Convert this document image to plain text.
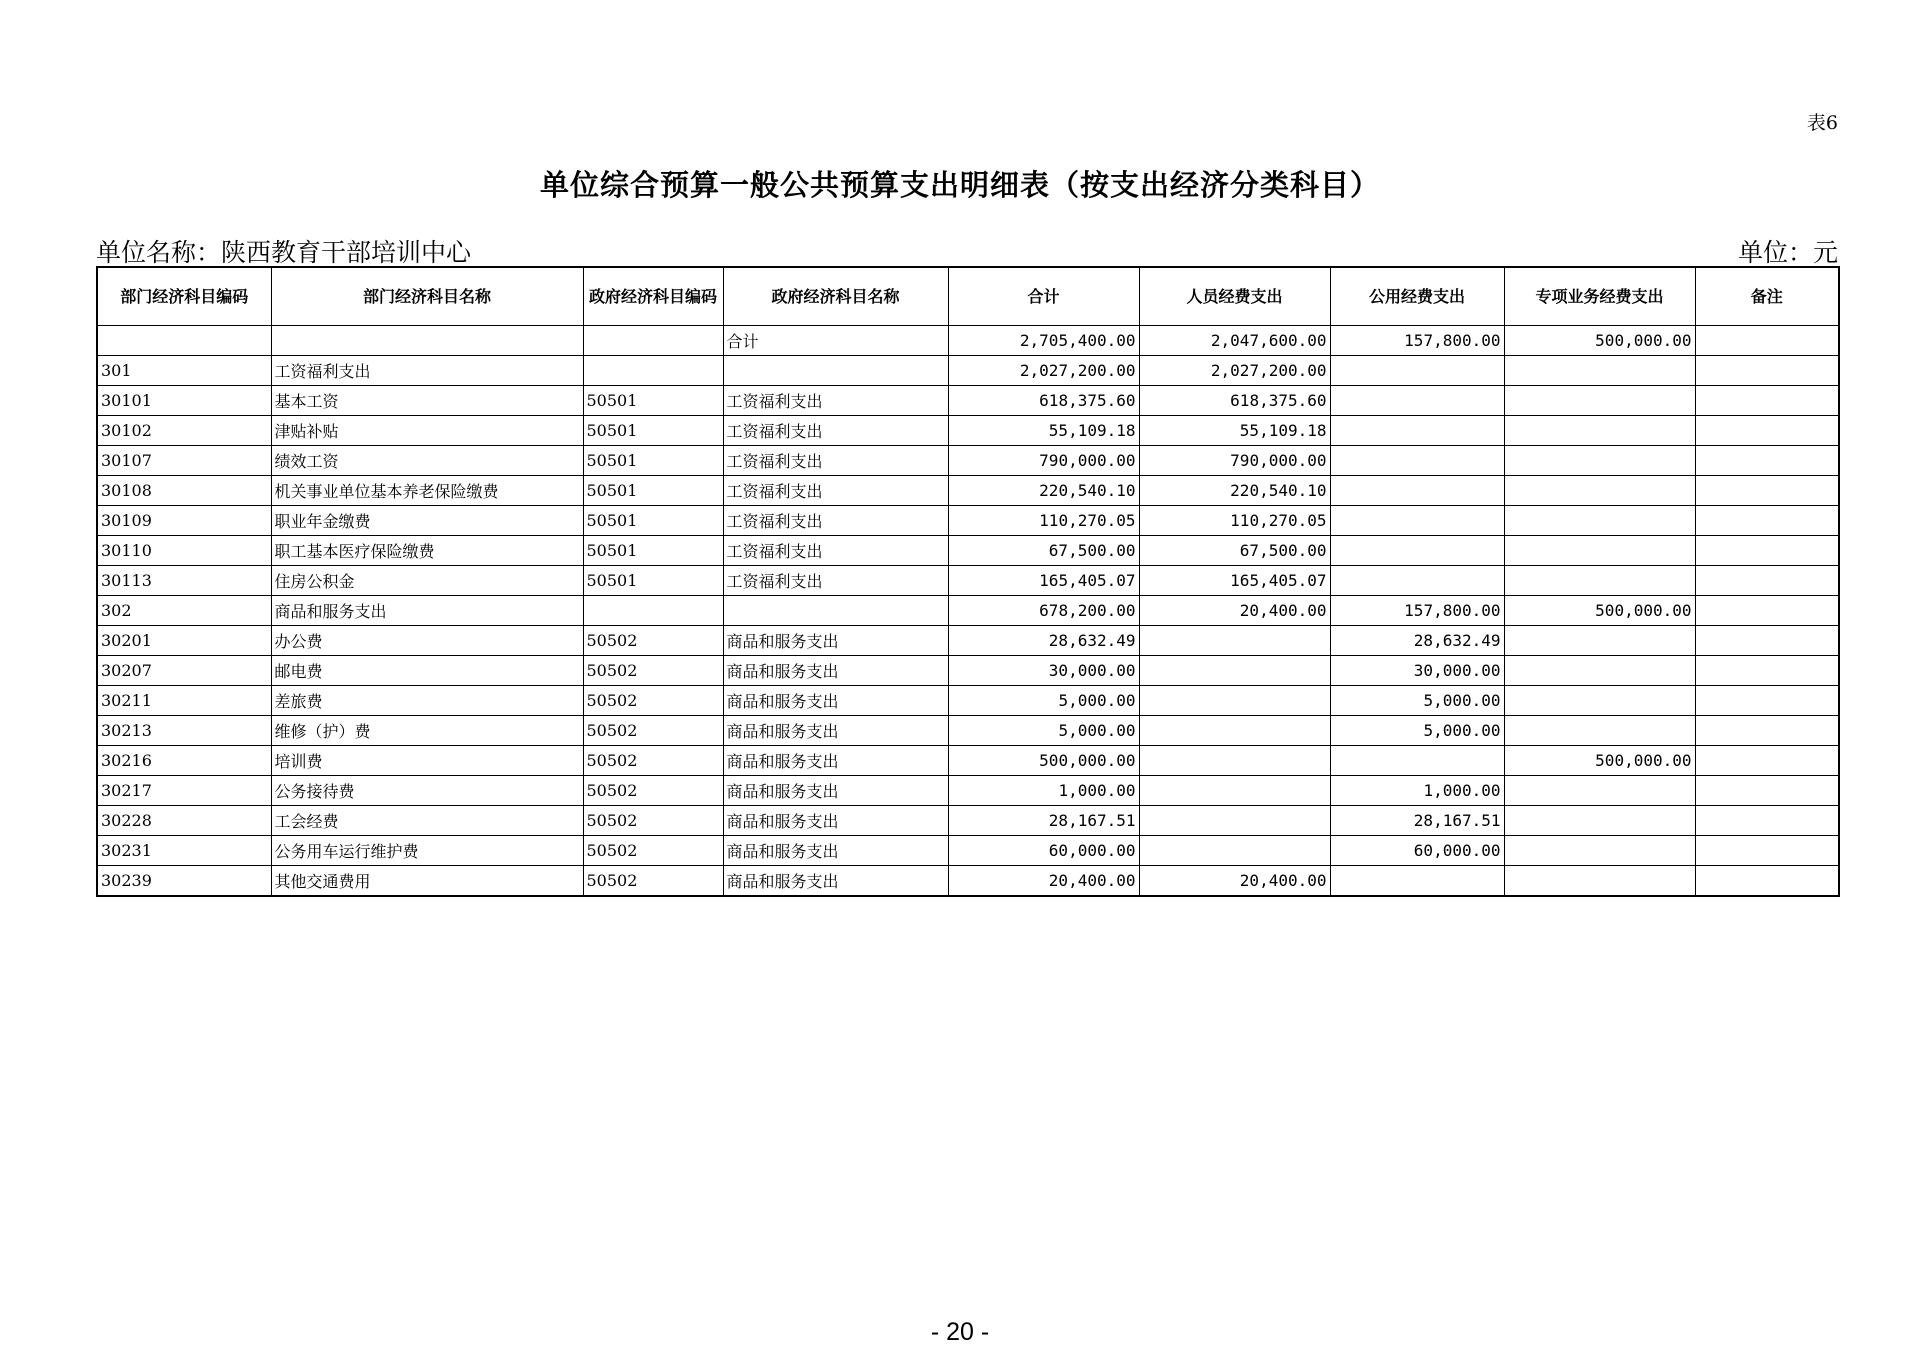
表6
单位综合预算一般公共预算支出明细表（按支出经济分类科目）
单位名称：陕西教育干部培训中心	单位：元
部门经济科目编码	部门经济科目名称	政府经济科目编码	政府经济科目名称	合计	人员经费支出	公用经费支出	专项业务经费支出	备注
			合计	2,705,400.00	2,047,600.00	157,800.00	500,000.00	
301	工资福利支出			2,027,200.00	2,027,200.00			
30101	基本工资	50501	工资福利支出	618,375.60	618,375.60			
30102	津贴补贴	50501	工资福利支出	55,109.18	55,109.18			
30107	绩效工资	50501	工资福利支出	790,000.00	790,000.00			
30108	机关事业单位基本养老保险缴费	50501	工资福利支出	220,540.10	220,540.10			
30109	职业年金缴费	50501	工资福利支出	110,270.05	110,270.05			
30110	职工基本医疗保险缴费	50501	工资福利支出	67,500.00	67,500.00			
30113	住房公积金	50501	工资福利支出	165,405.07	165,405.07			
302	商品和服务支出			678,200.00	20,400.00	157,800.00	500,000.00	
30201	办公费	50502	商品和服务支出	28,632.49		28,632.49		
30207	邮电费	50502	商品和服务支出	30,000.00		30,000.00		
30211	差旅费	50502	商品和服务支出	5,000.00		5,000.00		
30213	维修（护）费	50502	商品和服务支出	5,000.00		5,000.00		
30216	培训费	50502	商品和服务支出	500,000.00			500,000.00	
30217	公务接待费	50502	商品和服务支出	1,000.00		1,000.00		
30228	工会经费	50502	商品和服务支出	28,167.51		28,167.51		
30231	公务用车运行维护费	50502	商品和服务支出	60,000.00		60,000.00		
30239	其他交通费用	50502	商品和服务支出	20,400.00	20,400.00			
- 20 -
